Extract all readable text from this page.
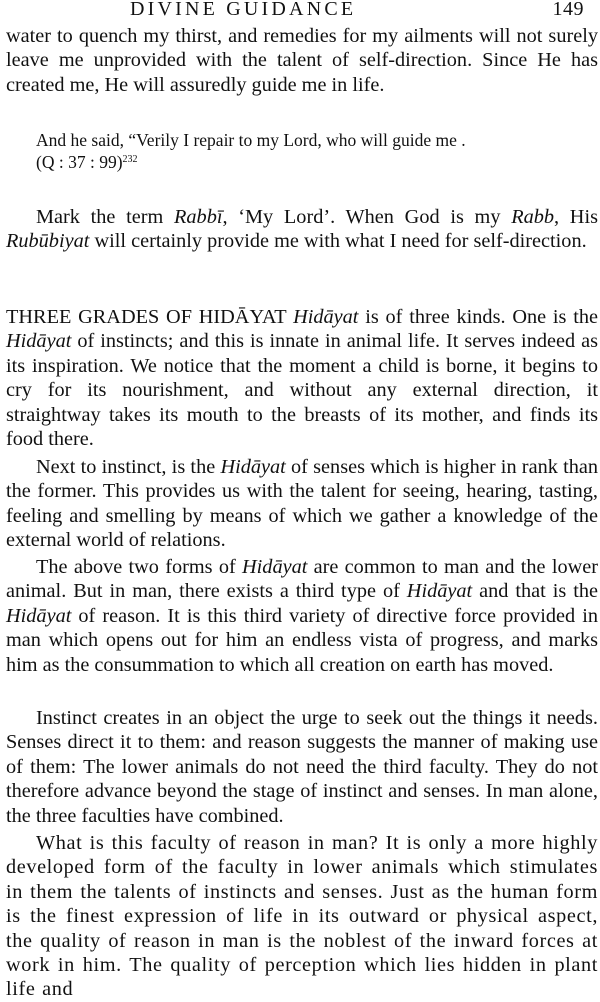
DIVINE GUIDANCE	149

water to quench my thirst, and remedies for my ailments will not surely leave me unprovided with the talent of self-direction. Since He has created me, He will assuredly guide me in life.

And he said, “Verily I repair to my Lord, who will guide me .
(Q : 37 : 99)$^{232}$

Mark the term Rabbī, ‘My Lord’. When God is my Rabb, His Rubūbiyat will certainly provide me with what I need for self-direction.

THREE GRADES OF HIDĀYAT Hidāyat is of three kinds. One is the Hidāyat of instincts; and this is innate in animal life. It serves indeed as its inspiration. We notice that the moment a child is borne, it begins to cry for its nourishment, and without any external direction, it straightway takes its mouth to the breasts of its mother, and finds its food there.

Next to instinct, is the Hidāyat of senses which is higher in rank than the former. This provides us with the talent for seeing, hearing, tasting, feeling and smelling by means of which we gather a knowledge of the external world of relations.

The above two forms of Hidāyat are common to man and the lower animal. But in man, there exists a third type of Hidāyat and that is the Hidāyat of reason. It is this third variety of directive force provided in man which opens out for him an endless vista of progress, and marks him as the consummation to which all creation on earth has moved.

Instinct creates in an object the urge to seek out the things it needs. Senses direct it to them: and reason suggests the manner of making use of them: The lower animals do not need the third faculty. They do not therefore advance beyond the stage of instinct and senses. In man alone, the three faculties have combined.

What is this faculty of reason in man? It is only a more highly developed form of the faculty in lower animals which stimulates in them the talents of instincts and senses. Just as the human form is the finest expression of life in its outward or physical aspect, the quality of reason in man is the noblest of the inward forces at work in him. The quality of perception which lies hidden in plant life and
